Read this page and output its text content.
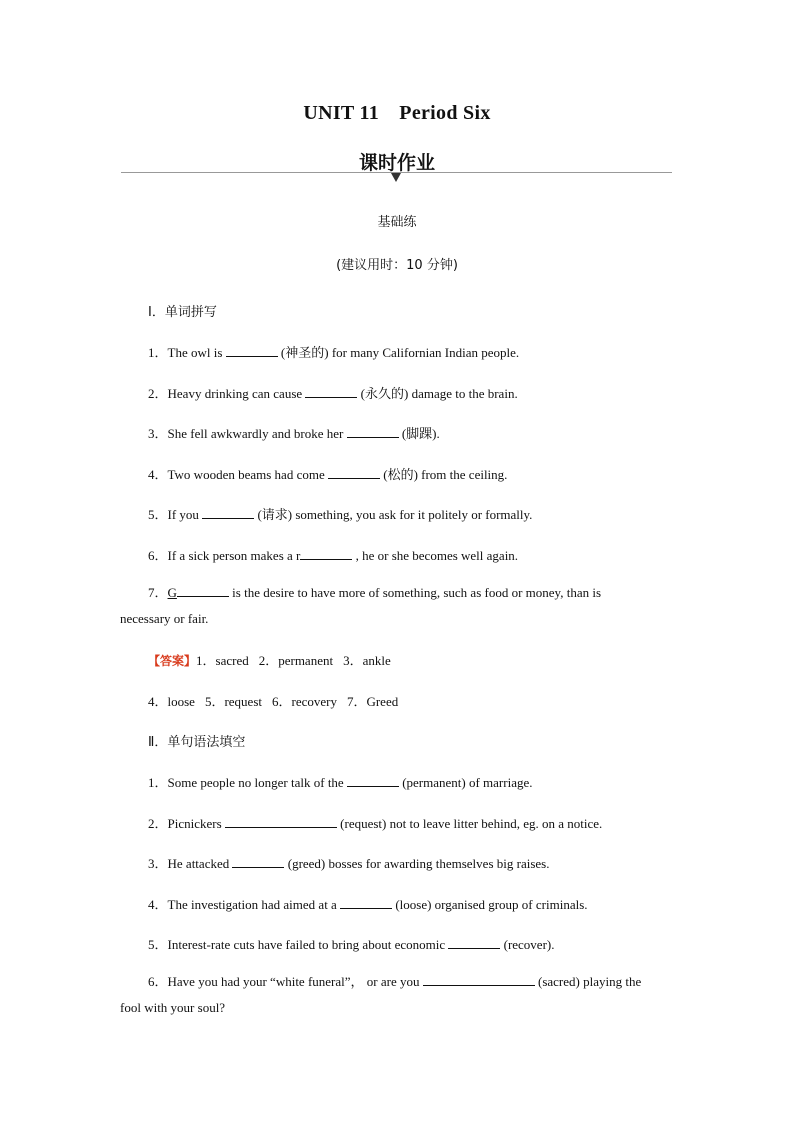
UNIT 11　Period Six
课时作业
基础练
(建议用时：10 分钟)
Ⅰ．单词拼写
1．The owl is	(神圣的) for many Californian Indian people.
2．Heavy drinking can cause	(永久的) damage to the brain.
3．She fell awkwardly and broke her	(脚踝).
4．Two wooden beams had come	(松的) from the ceiling.
5．If you	(请求) something, you ask for it politely or formally.
6．If a sick person makes a r	, he or she becomes well again.
7．G	is the desire to have more of something, such as food or money, than is
necessary or fair.
【答案】1．sacred 2．permanent 3．ankle
4．loose 5．request 6．recovery 7．Greed
Ⅱ．单句语法填空
1．Some people no longer talk of the	(permanent) of marriage.
2．Picnickers	(request) not to leave litter behind, eg. on a notice.
3．He attacked	(greed) bosses for awarding themselves big raises.
4．The investigation had aimed at a	(loose) organised group of criminals.
5．Interest-rate cuts have failed to bring about economic	(recover).
6．Have you had your “white funeral”， or are you	(sacred) playing the
fool with your soul?
